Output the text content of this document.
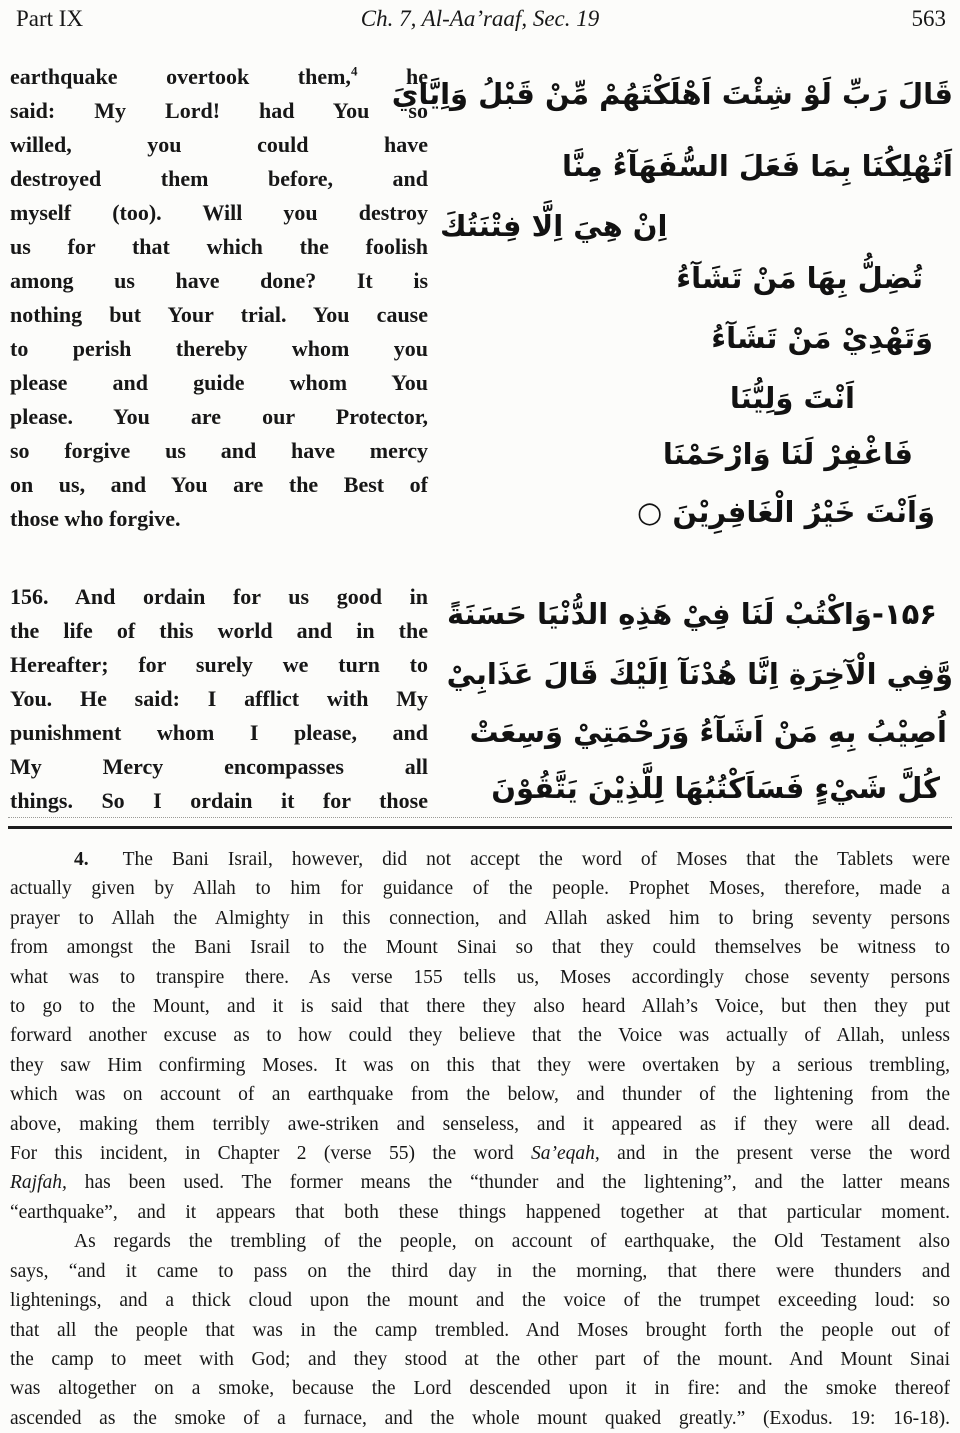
Part IX	Ch. 7, Al-Aa’raaf, Sec. 19	563
earthquake overtook them,$^4$ he
said: My Lord! had You so
willed, you could have
destroyed them before, and
myself (too). Will you destroy
us for that which the foolish
among us have done? It is
nothing but Your trial. You cause
to perish thereby whom you
please and guide whom You
please. You are our Protector,
so forgive us and have mercy
on us, and You are the Best of
those who forgive.
156. And ordain for us good in
the life of this world and in the
Hereafter; for surely we turn to
You. He said: I afflict with My
punishment whom I please, and
My Mercy encompasses all
things. So I ordain it for those
قَالَ رَبِّ لَوْ شِئْتَ اَهْلَكْتَهُمْ مِّنْ قَبْلُ وَاِيَّايَ
اَتُهْلِكُنَا بِمَا فَعَلَ السُّفَهَآءُ مِنَّا
اِنْ هِيَ اِلَّا فِتْنَتُكَ
تُضِلُّ بِهَا مَنْ تَشَآءُ
وَتَهْدِيْ مَنْ تَشَآءُ
اَنْتَ وَلِيُّنَا
فَاغْفِرْ لَنَا وَارْحَمْنَا
وَاَنْتَ خَيْرُ الْغَافِرِيْنَ ○
۱۵۶-وَاكْتُبْ لَنَا فِيْ هَذِهِ الدُّنْيَا حَسَنَةً
وَّفِي الْآخِرَةِ اِنَّا هُدْنَآ اِلَيْكَ قَالَ عَذَابِيْ
اُصِيْبُ بِهِ مَنْ اَشَآءُ وَرَحْمَتِيْ وَسِعَتْ
كُلَّ شَيْءٍ فَسَاَكْتُبُهَا لِلَّذِيْنَ يَتَّقُوْنَ
4. The Bani Israil, however, did not accept the word of Moses that the Tablets were
actually given by Allah to him for guidance of the people. Prophet Moses, therefore, made a
prayer to Allah the Almighty in this connection, and Allah asked him to bring seventy persons
from amongst the Bani Israil to the Mount Sinai so that they could themselves be witness to
what was to transpire there. As verse 155 tells us, Moses accordingly chose seventy persons
to go to the Mount, and it is said that there they also heard Allah’s Voice, but then they put
forward another excuse as to how could they believe that the Voice was actually of Allah, unless
they saw Him confirming Moses. It was on this that they were overtaken by a serious trembling,
which was on account of an earthquake from the below, and thunder of the lightening from the
above, making them terribly awe-striken and senseless, and it appeared as if they were all dead.
For this incident, in Chapter 2 (verse 55) the word Sa’eqah, and in the present verse the word
Rajfah, has been used. The former means the “thunder and the lightening”, and the latter means
“earthquake”, and it appears that both these things happened together at that particular moment.
As regards the trembling of the people, on account of earthquake, the Old Testament also
says, “and it came to pass on the third day in the morning, that there were thunders and
lightenings, and a thick cloud upon the mount and the voice of the trumpet exceeding loud: so
that all the people that was in the camp trembled. And Moses brought forth the people out of
the camp to meet with God; and they stood at the other part of the mount. And Mount Sinai
was altogether on a smoke, because the Lord descended upon it in fire: and the smoke thereof
ascended as the smoke of a furnace, and the whole mount quaked greatly.” (Exodus. 19: 16-18).
